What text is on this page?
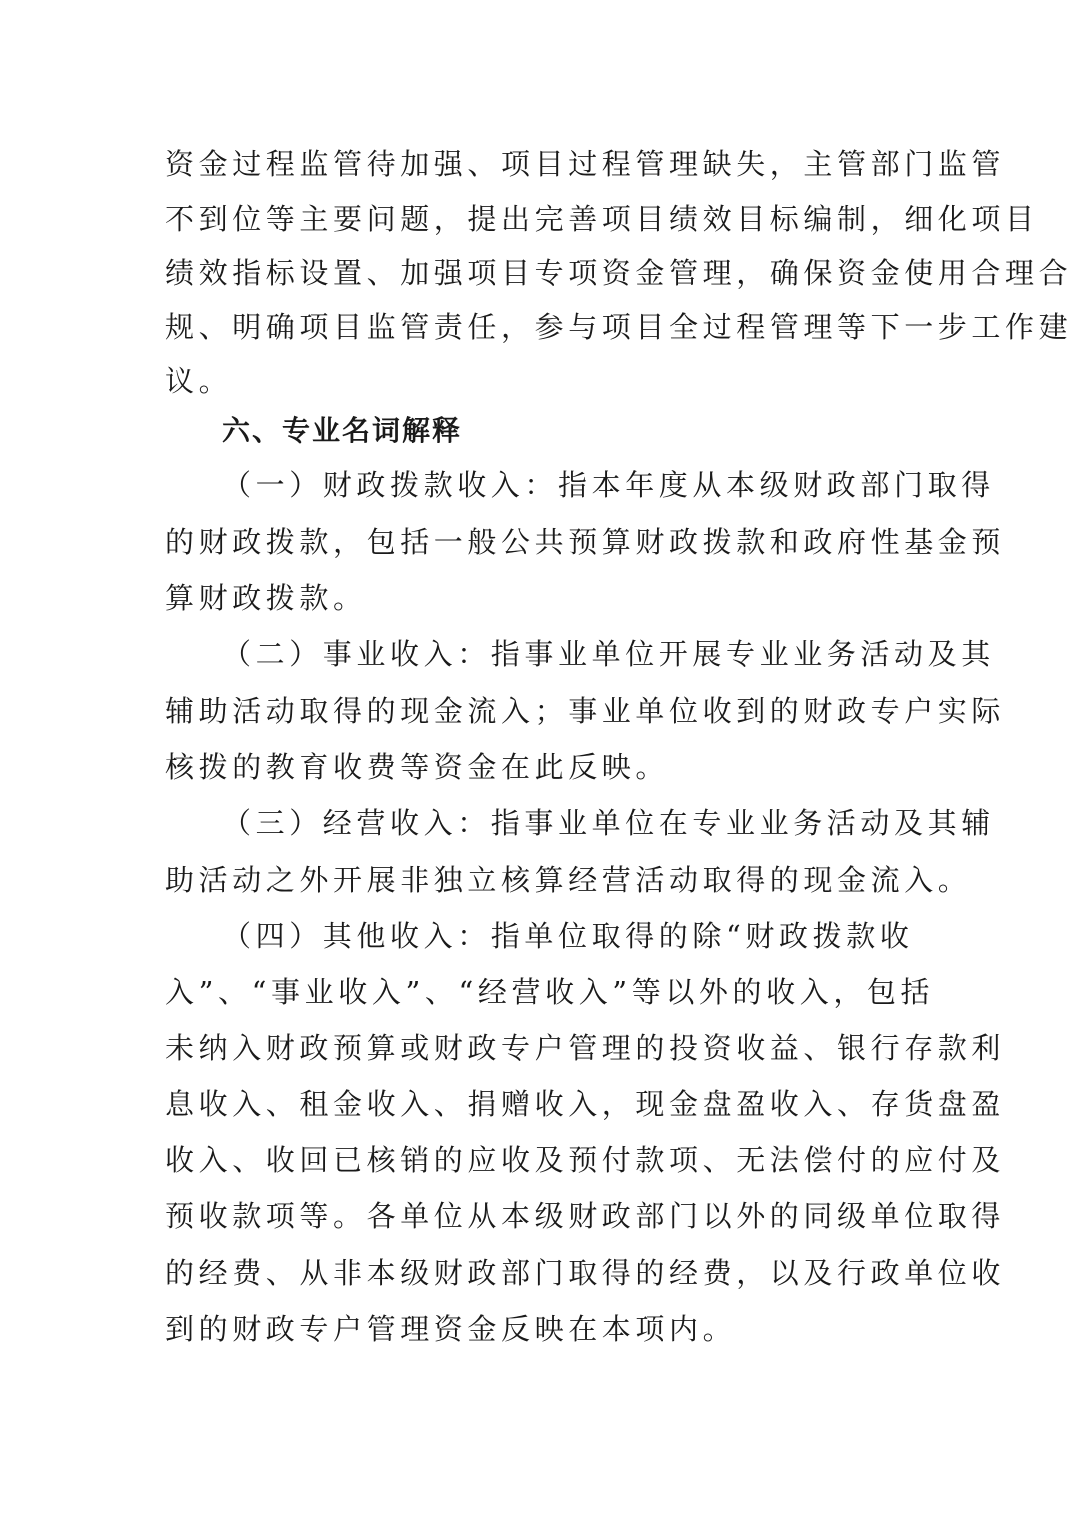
资金过程监管待加强、项目过程管理缺失，主管部门监管
不到位等主要问题，提出完善项目绩效目标编制，细化项目
绩效指标设置、加强项目专项资金管理，确保资金使用合理合
规、明确项目监管责任，参与项目全过程管理等下一步工作建
议。
六、专业名词解释
（一）财政拨款收入：指本年度从本级财政部门取得
的财政拨款，包括一般公共预算财政拨款和政府性基金预
算财政拨款。
（二）事业收入：指事业单位开展专业业务活动及其
辅助活动取得的现金流入；事业单位收到的财政专户实际
核拨的教育收费等资金在此反映。
（三）经营收入：指事业单位在专业业务活动及其辅
助活动之外开展非独立核算经营活动取得的现金流入。
（四）其他收入：指单位取得的除“财政拨款收
入”、“事业收入”、“经营收入”等以外的收入，包括
未纳入财政预算或财政专户管理的投资收益、银行存款利
息收入、租金收入、捐赠收入，现金盘盈收入、存货盘盈
收入、收回已核销的应收及预付款项、无法偿付的应付及
预收款项等。各单位从本级财政部门以外的同级单位取得
的经费、从非本级财政部门取得的经费，以及行政单位收
到的财政专户管理资金反映在本项内。
